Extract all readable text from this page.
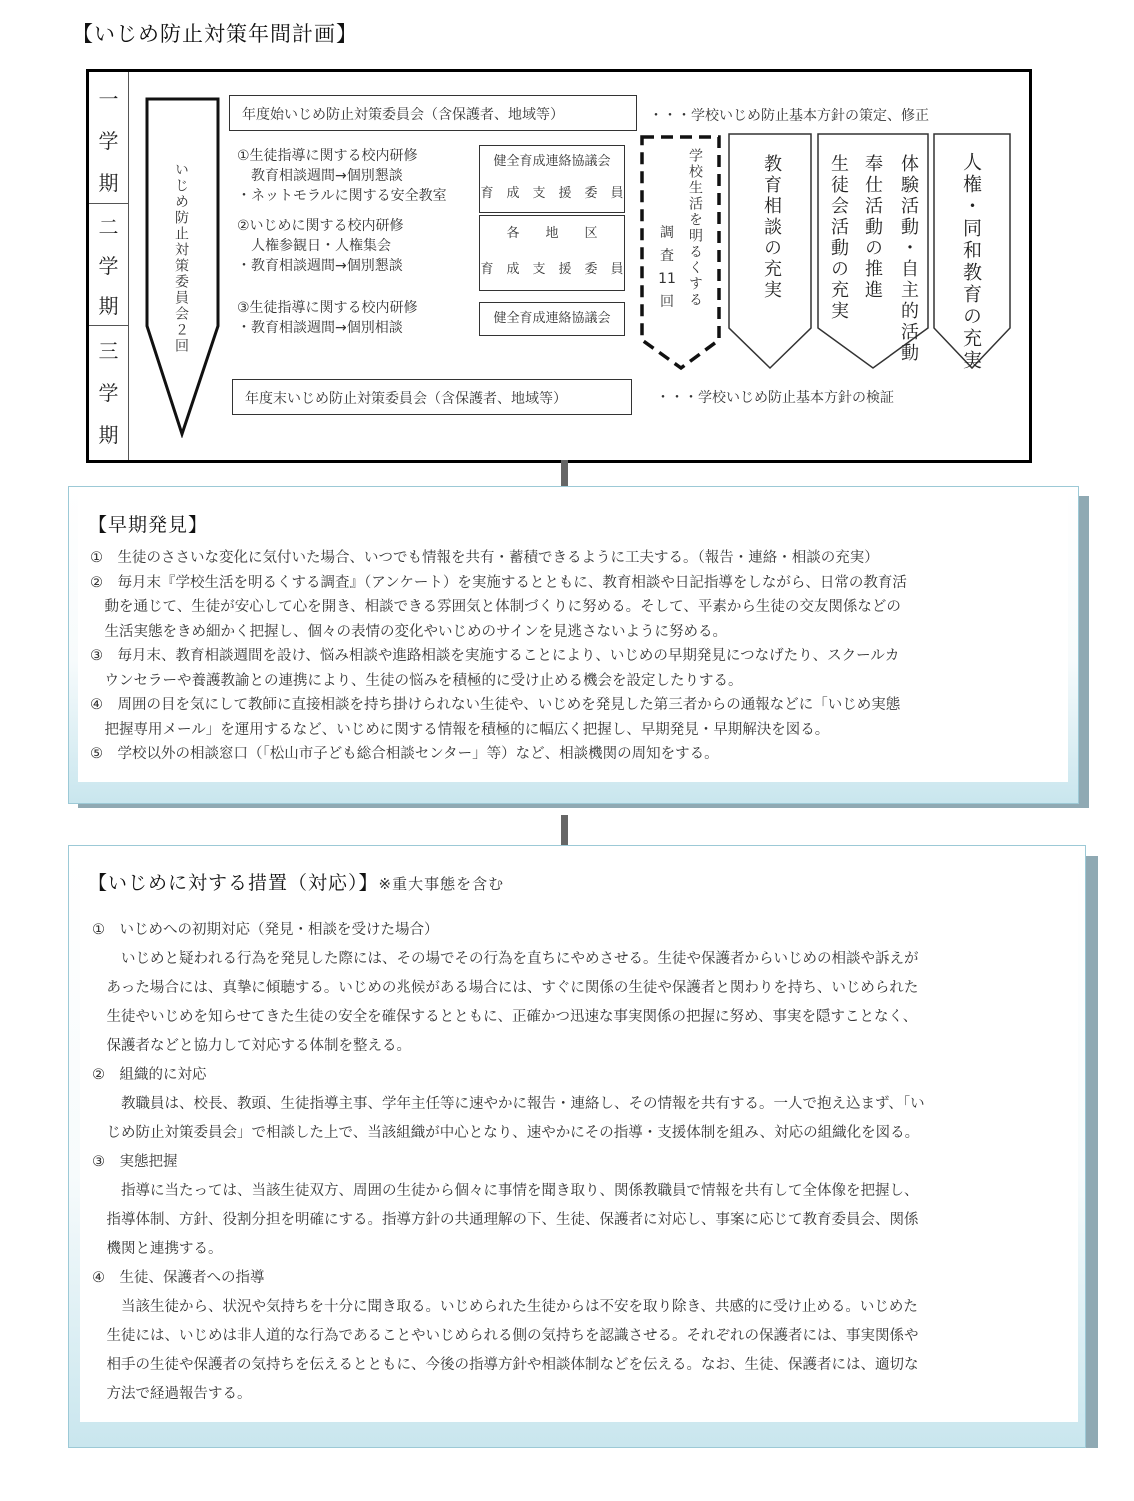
【いじめ防止対策年間計画】
一
学
期
二
学
期
三
学
期
いじめ防止対策委員会２回
年度始いじめ防止対策委員会（含保護者、地域等）	・・・学校いじめ防止基本方針の策定、修正
年度末いじめ防止対策委員会（含保護者、地域等）	・・・学校いじめ防止基本方針の検証
①生徒指導に関する校内研修
　教育相談週間→個別懇談
・ネットモラルに関する安全教室
②いじめに関する校内研修
　人権参観日・人権集会
・教育相談週間→個別懇談
③生徒指導に関する校内研修
・教育相談週間→個別相談
健全育成連絡協議会
育　成　支　援　委　員
各　　地　　区
育　成　支　援　委　員
健全育成連絡協議会
学校生活を明るくする
調
査
11
回
教育相談の充実	体験活動・自主的活動
奉仕活動の推進
生徒会活動の充実	人権・同和教育の充実
【早期発見】
①　生徒のささいな変化に気付いた場合、いつでも情報を共有・蓄積できるように工夫する。（報告・連絡・相談の充実）
②　毎月末『学校生活を明るくする調査』（アンケート）を実施するとともに、教育相談や日記指導をしながら、日常の教育活
　動を通じて、生徒が安心して心を開き、相談できる雰囲気と体制づくりに努める。そして、平素から生徒の交友関係などの
　生活実態をきめ細かく把握し、個々の表情の変化やいじめのサインを見逃さないように努める。
③　毎月末、教育相談週間を設け、悩み相談や進路相談を実施することにより、いじめの早期発見につなげたり、スクールカ
　ウンセラーや養護教諭との連携により、生徒の悩みを積極的に受け止める機会を設定したりする。
④　周囲の目を気にして教師に直接相談を持ち掛けられない生徒や、いじめを発見した第三者からの通報などに「いじめ実態
　把握専用メール」を運用するなど、いじめに関する情報を積極的に幅広く把握し、早期発見・早期解決を図る。
⑤　学校以外の相談窓口（「松山市子ども総合相談センター」等）など、相談機関の周知をする。
【いじめに対する措置（対応）】※重大事態を含む
①　いじめへの初期対応（発見・相談を受けた場合）
　　いじめと疑われる行為を発見した際には、その場でその行為を直ちにやめさせる。生徒や保護者からいじめの相談や訴えが
　あった場合には、真摯に傾聴する。いじめの兆候がある場合には、すぐに関係の生徒や保護者と関わりを持ち、いじめられた
　生徒やいじめを知らせてきた生徒の安全を確保するとともに、正確かつ迅速な事実関係の把握に努め、事実を隠すことなく、
　保護者などと協力して対応する体制を整える。
②　組織的に対応
　　教職員は、校長、教頭、生徒指導主事、学年主任等に速やかに報告・連絡し、その情報を共有する。一人で抱え込まず、「い
　じめ防止対策委員会」で相談した上で、当該組織が中心となり、速やかにその指導・支援体制を組み、対応の組織化を図る。
③　実態把握
　　指導に当たっては、当該生徒双方、周囲の生徒から個々に事情を聞き取り、関係教職員で情報を共有して全体像を把握し、
　指導体制、方針、役割分担を明確にする。指導方針の共通理解の下、生徒、保護者に対応し、事案に応じて教育委員会、関係
　機関と連携する。
④　生徒、保護者への指導
　　当該生徒から、状況や気持ちを十分に聞き取る。いじめられた生徒からは不安を取り除き、共感的に受け止める。いじめた
　生徒には、いじめは非人道的な行為であることやいじめられる側の気持ちを認識させる。それぞれの保護者には、事実関係や
　相手の生徒や保護者の気持ちを伝えるとともに、今後の指導方針や相談体制などを伝える。なお、生徒、保護者には、適切な
　方法で経過報告する。
